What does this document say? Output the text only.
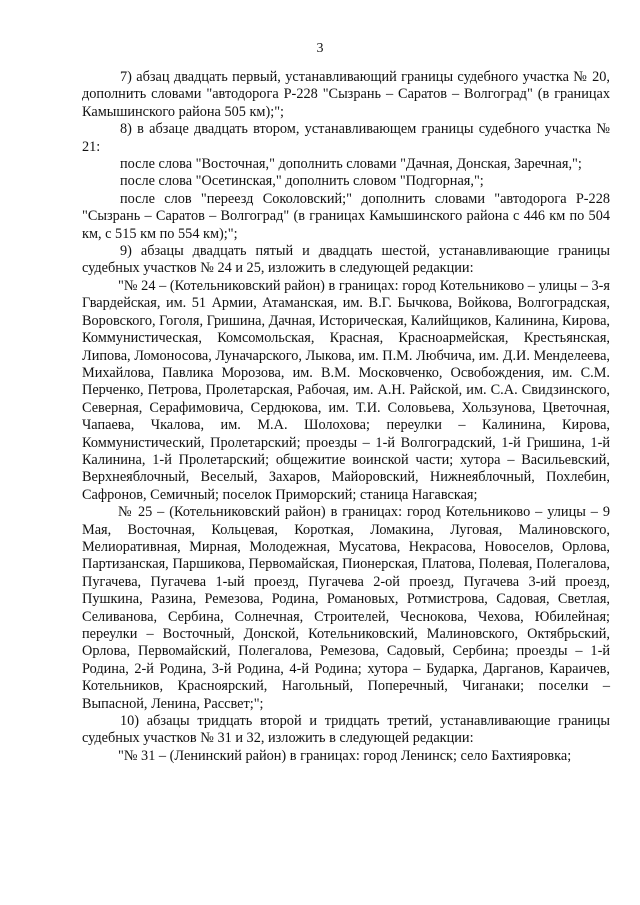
3

7) абзац двадцать первый, устанавливающий границы судебного участка № 20, дополнить словами "автодорога Р-228 "Сызрань – Саратов – Волгоград" (в границах Камышинского района 505 км);";

8) в абзаце двадцать втором, устанавливающем границы судебного участка № 21:

после слова "Восточная," дополнить словами "Дачная, Донская, Заречная,";

после слова "Осетинская," дополнить словом "Подгорная,";

после слов "переезд Соколовский;" дополнить словами "автодорога Р-228 "Сызрань – Саратов – Волгоград" (в границах Камышинского района с 446 км по 504 км, с 515 км по 554 км);";

9) абзацы двадцать пятый и двадцать шестой, устанавливающие границы судебных участков № 24 и 25, изложить в следующей редакции:

"№ 24 – (Котельниковский район) в границах: город Котельниково – улицы – 3-я Гвардейская, им. 51 Армии, Атаманская, им. В.Г. Бычкова, Войкова, Волгоградская, Воровского, Гоголя, Гришина, Дачная, Историческая, Калийщиков, Калинина, Кирова, Коммунистическая, Комсомольская, Красная, Красноармейская, Крестьянская, Липова, Ломоносова, Луначарского, Лыкова, им. П.М. Любчича, им. Д.И. Менделеева, Михайлова, Павлика Морозова, им. В.М. Московченко, Освобождения, им. С.М. Перченко, Петрова, Пролетарская, Рабочая, им. А.Н. Райской, им. С.А. Свидзинского, Северная, Серафимовича, Сердюкова, им. Т.И. Соловьева, Хользунова, Цветочная, Чапаева, Чкалова, им. М.А. Шолохова; переулки – Калинина, Кирова, Коммунистический, Пролетарский; проезды – 1-й Волгоградский, 1-й Гришина, 1-й Калинина, 1-й Пролетарский; общежитие воинской части; хутора – Васильевский, Верхнеяблочный, Веселый, Захаров, Майоровский, Нижнеяблочный, Похлебин, Сафронов, Семичный; поселок Приморский; станица Нагавская;

№ 25 – (Котельниковский район) в границах: город Котельниково – улицы – 9 Мая, Восточная, Кольцевая, Короткая, Ломакина, Луговая, Малиновского, Мелиоративная, Мирная, Молодежная, Мусатова, Некрасова, Новоселов, Орлова, Партизанская, Паршикова, Первомайская, Пионерская, Платова, Полевая, Полегалова, Пугачева, Пугачева 1-ый проезд, Пугачева 2-ой проезд, Пугачева 3-ий проезд, Пушкина, Разина, Ремезова, Родина, Романовых, Ротмистрова, Садовая, Светлая, Селиванова, Сербина, Солнечная, Строителей, Чеснокова, Чехова, Юбилейная; переулки – Восточный, Донской, Котельниковский, Малиновского, Октябрьский, Орлова, Первомайский, Полегалова, Ремезова, Садовый, Сербина; проезды – 1-й Родина, 2-й Родина, 3-й Родина, 4-й Родина; хутора – Бударка, Дарганов, Караичев, Котельников, Красноярский, Нагольный, Поперечный, Чиганаки; поселки – Выпасной, Ленина, Рассвет;";

10) абзацы тридцать второй и тридцать третий, устанавливающие границы судебных участков № 31 и 32, изложить в следующей редакции:

"№ 31 – (Ленинский район) в границах: город Ленинск; село Бахтияровка;
